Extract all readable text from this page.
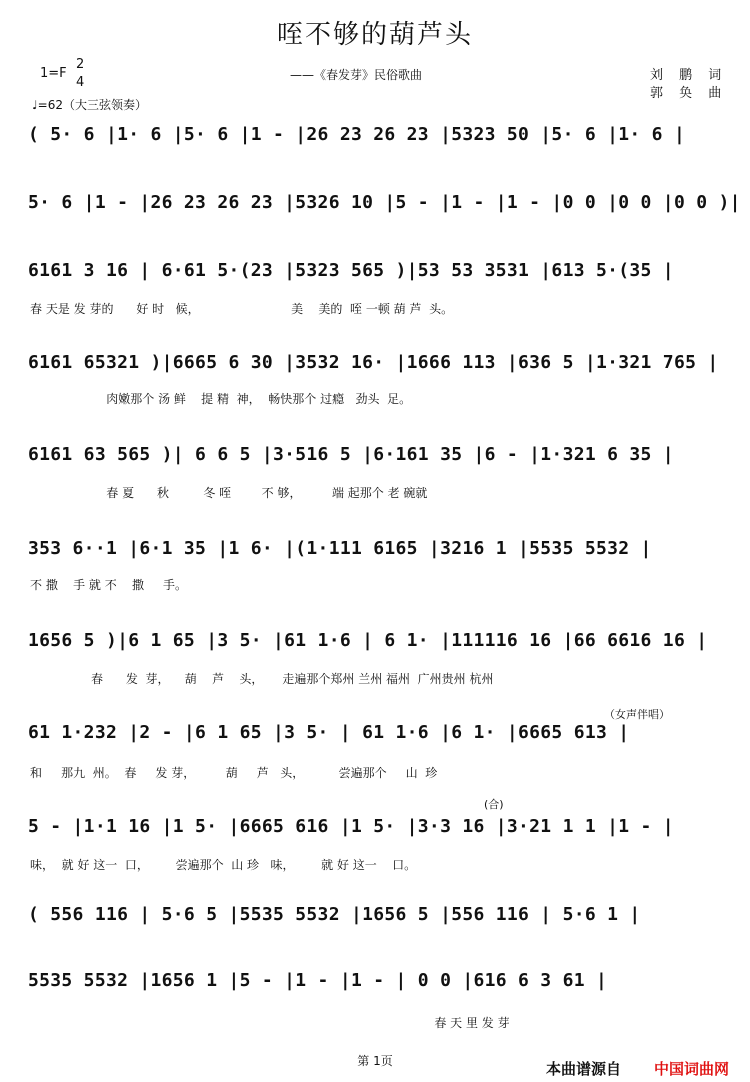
咥不够的葫芦头
——《春发芽》民俗歌曲
1=F
2
4
♩=62（大三弦领奏）
刘 鹏 词
郭 奂 曲
( 5· 6 |1· 6 |5· 6 |1 - |26 23 26 23 |5323 50 |5· 6 |1· 6 |
5· 6 |1 - |26 23 26 23 |5326 10 |5 - |1 - |1 - |0 0 |0 0 |0 0 )|
6161 3 16 | 6·61 5·(23 |5323 565 )|53 53 3531 |613 5·(35 |
春 天是 发 芽的      好 时   候，                        美    美的  咥 一顿 葫 芦  头。
6161 65321 )|6665 6 30 |3532 16· |1666 113 |636 5 |1·321 765 |
肉嫩那个 汤 鲜    提 精  神，  畅快那个 过瘾   劲头  足。
6161 63 565 )| 6 6 5 |3·516 5 |6·161 35 |6 - |1·321 6 35 |
春 夏      秋         冬 咥        不 够，        端 起那个 老 碗就
353 6··1 |6·1 35 |1 6· |(1·111 6165 |3216 1 |5535 5532 |
不 撒    手 就 不    撒     手。
1656 5 )|6 1 65 |3 5· |61 1·6 | 6 1· |111116 16 |66 6616 16 |
春      发  芽，    葫    芦    头，     走遍那个郑州 兰州 福州  广州贵州 杭州
（女声伴唱）
61 1·232 |2 - |6 1 65 |3 5· | 61 1·6 |6 1· |6665 613 |
和     那九  州。  春     发 芽，        葫     芦   头，         尝遍那个     山  珍
(合)
5 - |1·1 16 |1 5· |6665 616 |1 5· |3·3 16 |3·21 1 1 |1 - |
味，  就 好 这一  口，       尝遍那个  山 珍   味，       就 好 这一    口。
( 556 116 | 5·6 5 |5535 5532 |1656 5 |556 116 | 5·6 1 |
5535 5532 |1656 1 |5 - |1 - |1 - | 0 0 |616 6 3 61 |
春 天 里 发 芽
第 1页	本曲谱源自 中国词曲网
